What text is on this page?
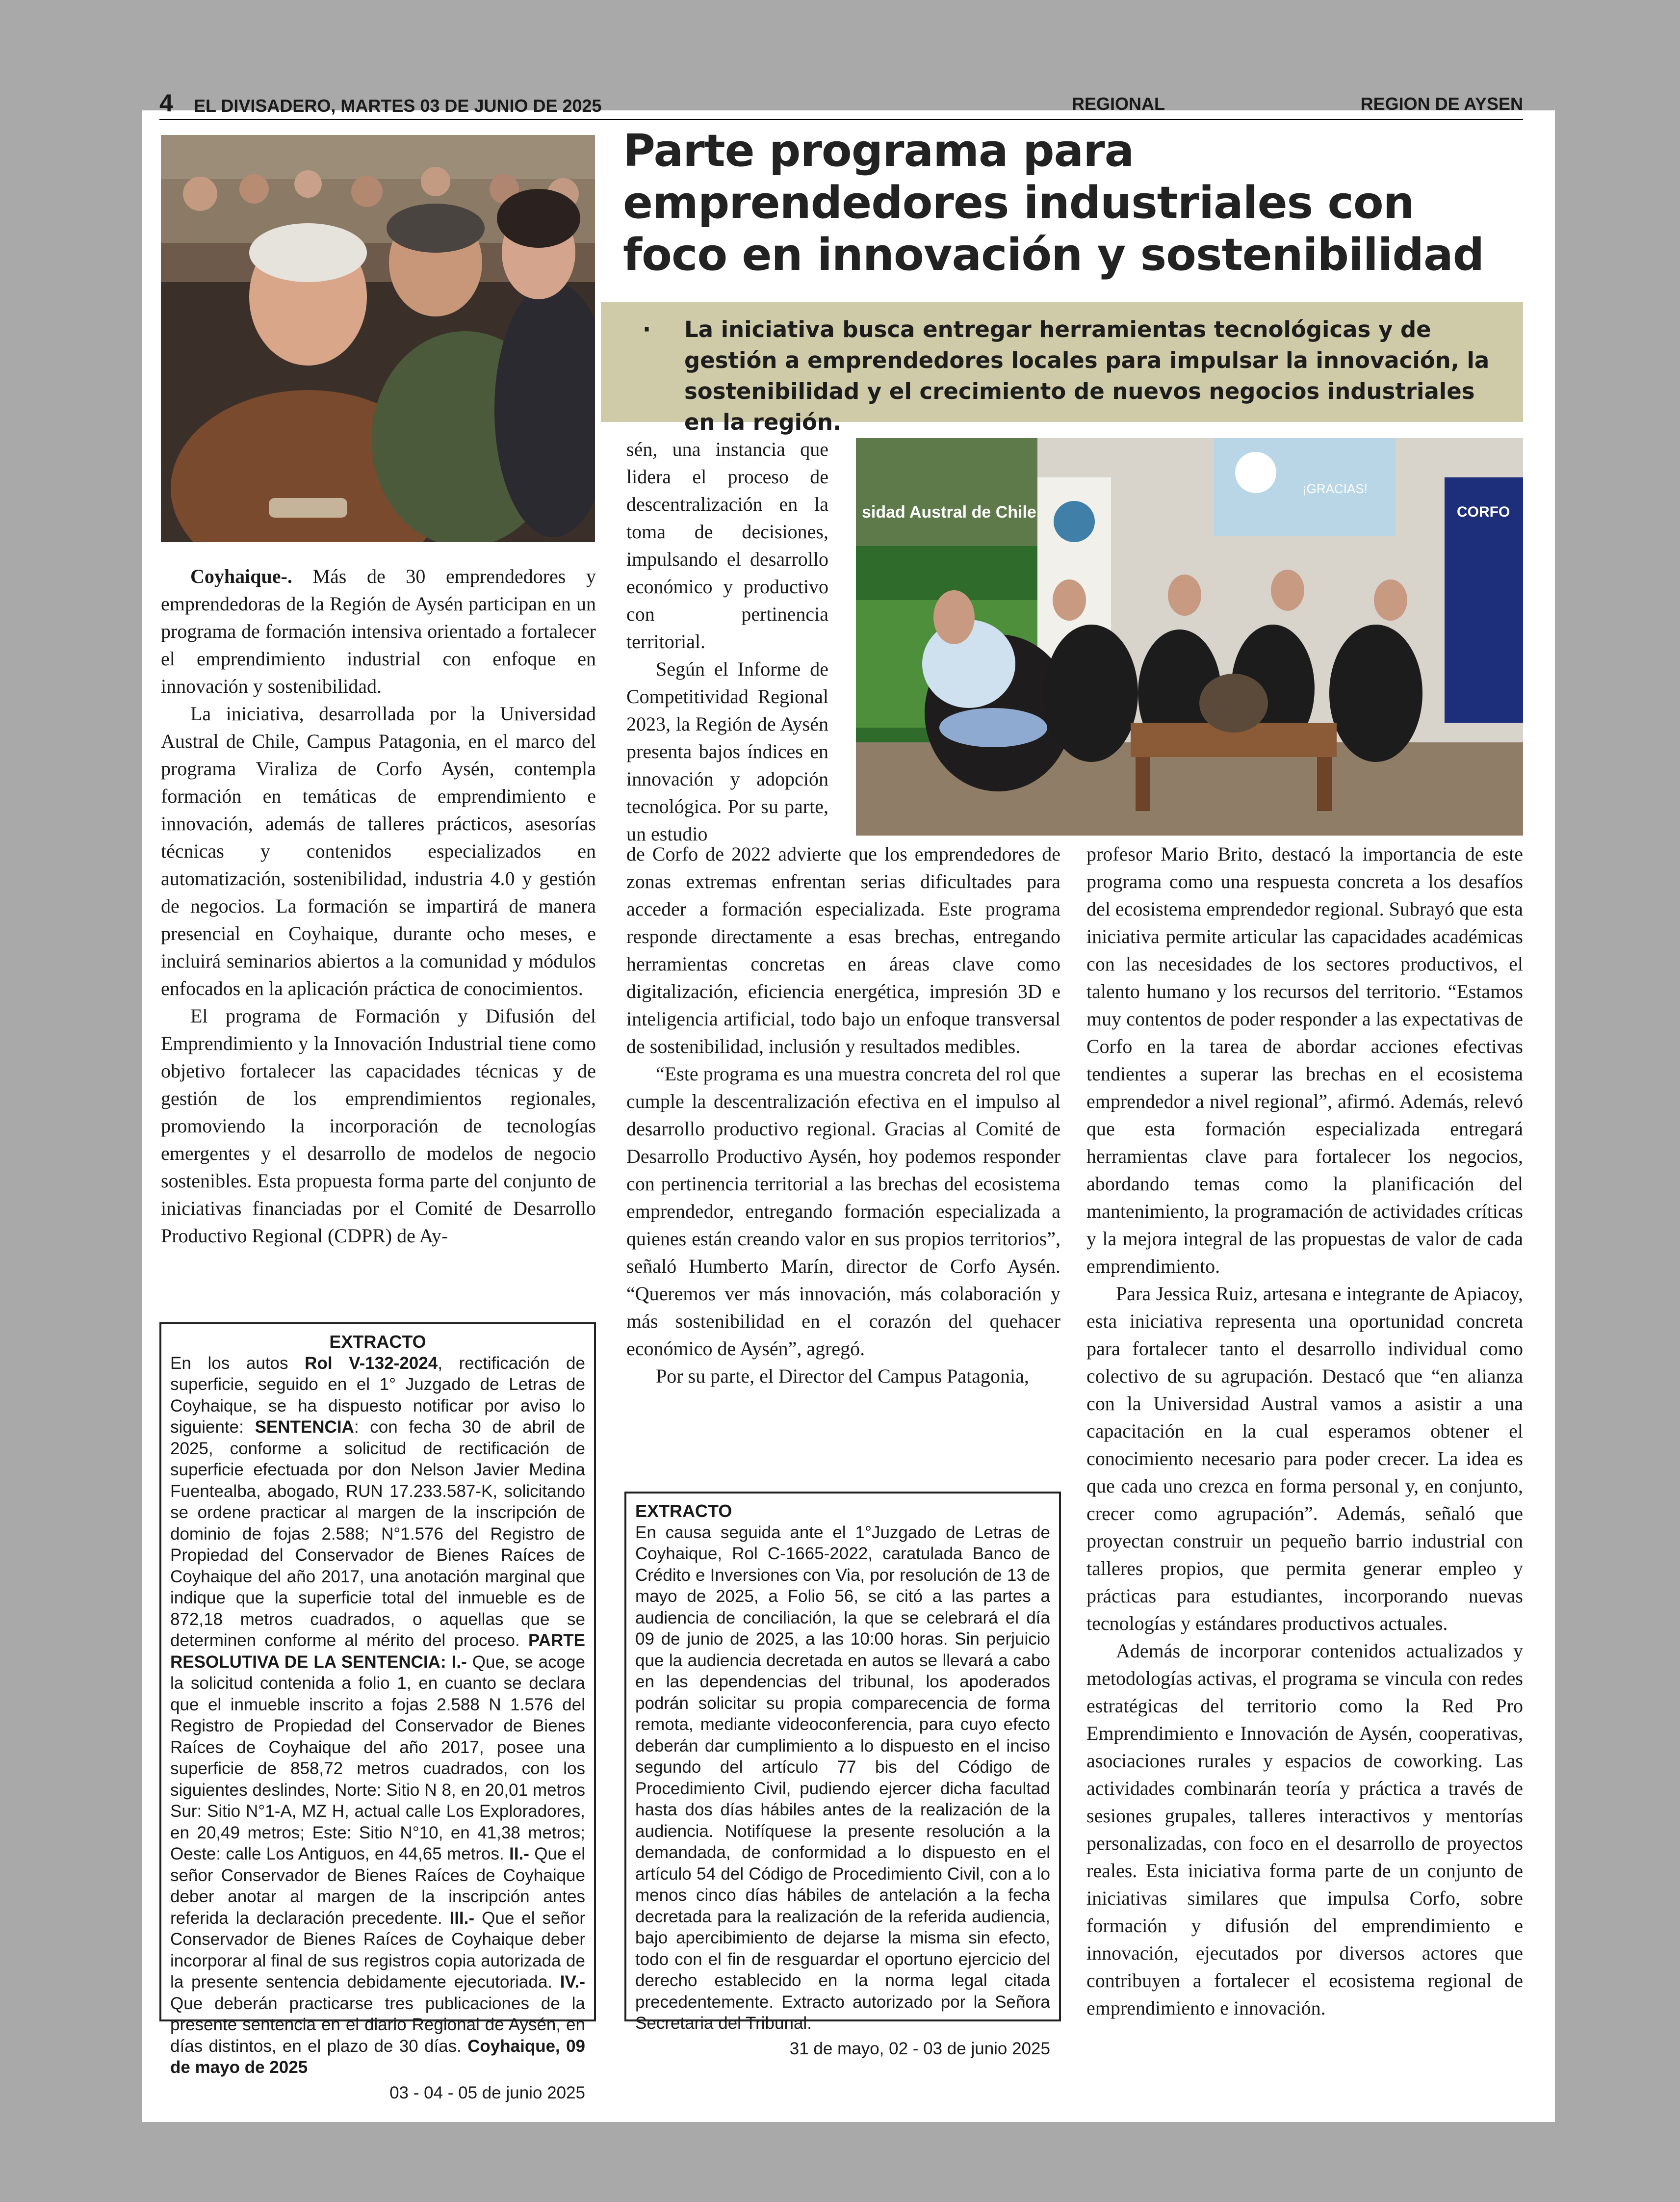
4 EL DIVISADERO, MARTES 03 DE JUNIO DE 2025	REGIONAL	REGION DE AYSEN
Parte programa para emprendedores industriales con foco en innovación y sostenibilidad
· La iniciativa busca entregar herramientas tecnológicas y de gestión a emprendedores locales para impulsar la innovación, la sostenibilidad y el crecimiento de nuevos negocios industriales en la región.
sidad Austral de Chile
¡GRACIAS!
CORFO

Coyhaique-. Más de 30 emprendedores y emprendedoras de la Región de Aysén participan en un programa de formación intensiva orientado a fortalecer el emprendimiento industrial con enfoque en innovación y sostenibilidad.

La iniciativa, desarrollada por la Universidad Austral de Chile, Campus Patagonia, en el marco del programa Viraliza de Corfo Aysén, contempla formación en temáticas de emprendimiento e innovación, además de talleres prácticos, asesorías técnicas y contenidos especializados en automatización, sostenibilidad, industria 4.0 y gestión de negocios. La formación se impartirá de manera presencial en Coyhaique, durante ocho meses, e incluirá seminarios abiertos a la comunidad y módulos enfocados en la aplicación práctica de conocimientos.

El programa de Formación y Difusión del Emprendimiento y la Innovación Industrial tiene como objetivo fortalecer las capacidades técnicas y de gestión de los emprendimientos regionales, promoviendo la incorporación de tecnologías emergentes y el desarrollo de modelos de negocio sostenibles. Esta propuesta forma parte del conjunto de iniciativas financiadas por el Comité de Desarrollo Productivo Regional (CDPR) de Ay-

sén, una instancia que lidera el proceso de descentralización en la toma de decisiones, impulsando el desarrollo económico y productivo con pertinencia territorial.

Según el Informe de Competitividad Regional 2023, la Región de Aysén presenta bajos índices en innovación y adopción tecnológica. Por su parte, un estudio

de Corfo de 2022 advierte que los emprendedores de zonas extremas enfrentan serias dificultades para acceder a formación especializada. Este programa responde directamente a esas brechas, entregando herramientas concretas en áreas clave como digitalización, eficiencia energética, impresión 3D e inteligencia artificial, todo bajo un enfoque transversal de sostenibilidad, inclusión y resultados medibles.

“Este programa es una muestra concreta del rol que cumple la descentralización efectiva en el impulso al desarrollo productivo regional. Gracias al Comité de Desarrollo Productivo Aysén, hoy podemos responder con pertinencia territorial a las brechas del ecosistema emprendedor, entregando formación especializada a quienes están creando valor en sus propios territorios”, señaló Humberto Marín, director de Corfo Aysén. “Queremos ver más innovación, más colaboración y más sostenibilidad en el corazón del quehacer económico de Aysén”, agregó.

Por su parte, el Director del Campus Patagonia,

profesor Mario Brito, destacó la importancia de este programa como una respuesta concreta a los desafíos del ecosistema emprendedor regional. Subrayó que esta iniciativa permite articular las capacidades académicas con las necesidades de los sectores productivos, el talento humano y los recursos del territorio. “Estamos muy contentos de poder responder a las expectativas de Corfo en la tarea de abordar acciones efectivas tendientes a superar las brechas en el ecosistema emprendedor a nivel regional”, afirmó. Además, relevó que esta formación especializada entregará herramientas clave para fortalecer los negocios, abordando temas como la planificación del mantenimiento, la programación de actividades críticas y la mejora integral de las propuestas de valor de cada emprendimiento.

Para Jessica Ruiz, artesana e integrante de Apiacoy, esta iniciativa representa una oportunidad concreta para fortalecer tanto el desarrollo individual como colectivo de su agrupación. Destacó que “en alianza con la Universidad Austral vamos a asistir a una capacitación en la cual esperamos obtener el conocimiento necesario para poder crecer. La idea es que cada uno crezca en forma personal y, en conjunto, crecer como agrupación”. Además, señaló que proyectan construir un pequeño barrio industrial con talleres propios, que permita generar empleo y prácticas para estudiantes, incorporando nuevas tecnologías y estándares productivos actuales.

Además de incorporar contenidos actualizados y metodologías activas, el programa se vincula con redes estratégicas del territorio como la Red Pro Emprendimiento e Innovación de Aysén, cooperativas, asociaciones rurales y espacios de coworking. Las actividades combinarán teoría y práctica a través de sesiones grupales, talleres interactivos y mentorías personalizadas, con foco en el desarrollo de proyectos reales. Esta iniciativa forma parte de un conjunto de iniciativas similares que impulsa Corfo, sobre formación y difusión del emprendimiento e innovación, ejecutados por diversos actores que contribuyen a fortalecer el ecosistema regional de emprendimiento e innovación.

EXTRACTO
En los autos Rol V-132-2024, rectificación de superficie, seguido en el 1° Juzgado de Letras de Coyhaique, se ha dispuesto notificar por aviso lo siguiente: SENTENCIA: con fecha 30 de abril de 2025, conforme a solicitud de rectificación de superficie efectuada por don Nelson Javier Medina Fuentealba, abogado, RUN 17.233.587-K, solicitando se ordene practicar al margen de la inscripción de dominio de fojas 2.588; N°1.576 del Registro de Propiedad del Conservador de Bienes Raíces de Coyhaique del año 2017, una anotación marginal que indique que la superficie total del inmueble es de 872,18 metros cuadrados, o aquellas que se determinen conforme al mérito del proceso. PARTE RESOLUTIVA DE LA SENTENCIA: I.- Que, se acoge la solicitud contenida a folio 1, en cuanto se declara que el inmueble inscrito a fojas 2.588 N 1.576 del Registro de Propiedad del Conservador de Bienes Raíces de Coyhaique del año 2017, posee una superficie de 858,72 metros cuadrados, con los siguientes deslindes, Norte: Sitio N 8, en 20,01 metros Sur: Sitio N°1-A, MZ H, actual calle Los Exploradores, en 20,49 metros; Este: Sitio N°10, en 41,38 metros; Oeste: calle Los Antiguos, en 44,65 metros. II.- Que el señor Conservador de Bienes Raíces de Coyhaique deber anotar al margen de la inscripción antes referida la declaración precedente. III.- Que el señor Conservador de Bienes Raíces de Coyhaique deber incorporar al final de sus registros copia autorizada de la presente sentencia debidamente ejecutoriada. IV.- Que deberán practicarse tres publicaciones de la presente sentencia en el diario Regional de Aysén, en días distintos, en el plazo de 30 días. Coyhaique, 09 de mayo de 2025
03 - 04 - 05 de junio 2025
EXTRACTO
En causa seguida ante el 1°Juzgado de Letras de Coyhaique, Rol C-1665-2022, caratulada Banco de Crédito e Inversiones con Via, por resolución de 13 de mayo de 2025, a Folio 56, se citó a las partes a audiencia de conciliación, la que se celebrará el día 09 de junio de 2025, a las 10:00 horas. Sin perjuicio que la audiencia decretada en autos se llevará a cabo en las dependencias del tribunal, los apoderados podrán solicitar su propia comparecencia de forma remota, mediante videoconferencia, para cuyo efecto deberán dar cumplimiento a lo dispuesto en el inciso segundo del artículo 77 bis del Código de Procedimiento Civil, pudiendo ejercer dicha facultad hasta dos días hábiles antes de la realización de la audiencia. Notifíquese la presente resolución a la demandada, de conformidad a lo dispuesto en el artículo 54 del Código de Procedimiento Civil, con a lo menos cinco días hábiles de antelación a la fecha decretada para la realización de la referida audiencia, bajo apercibimiento de dejarse la misma sin efecto, todo con el fin de resguardar el oportuno ejercicio del derecho establecido en la norma legal citada precedentemente. Extracto autorizado por la Señora Secretaria del Tribunal.
31 de mayo, 02 - 03 de junio 2025
